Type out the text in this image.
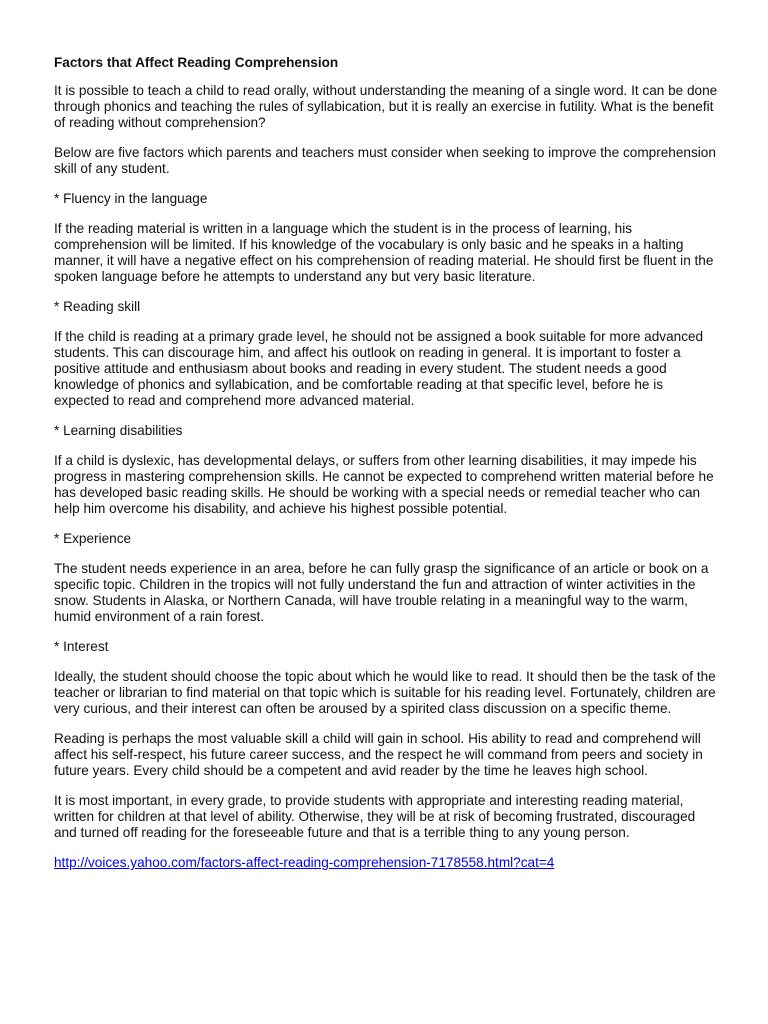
Factors that Affect Reading Comprehension

It is possible to teach a child to read orally, without understanding the meaning of a single word. It can be done through phonics and teaching the rules of syllabication, but it is really an exercise in futility. What is the benefit of reading without comprehension?

Below are five factors which parents and teachers must consider when seeking to improve the comprehension skill of any student.

* Fluency in the language

If the reading material is written in a language which the student is in the process of learning, his comprehension will be limited. If his knowledge of the vocabulary is only basic and he speaks in a halting manner, it will have a negative effect on his comprehension of reading material. He should first be fluent in the spoken language before he attempts to understand any but very basic literature.

* Reading skill

If the child is reading at a primary grade level, he should not be assigned a book suitable for more advanced students. This can discourage him, and affect his outlook on reading in general. It is important to foster a positive attitude and enthusiasm about books and reading in every student. The student needs a good knowledge of phonics and syllabication, and be comfortable reading at that specific level, before he is expected to read and comprehend more advanced material.

* Learning disabilities

If a child is dyslexic, has developmental delays, or suffers from other learning disabilities, it may impede his progress in mastering comprehension skills. He cannot be expected to comprehend written material before he has developed basic reading skills. He should be working with a special needs or remedial teacher who can help him overcome his disability, and achieve his highest possible potential.

* Experience

The student needs experience in an area, before he can fully grasp the significance of an article or book on a specific topic. Children in the tropics will not fully understand the fun and attraction of winter activities in the snow. Students in Alaska, or Northern Canada, will have trouble relating in a meaningful way to the warm, humid environment of a rain forest.

* Interest

Ideally, the student should choose the topic about which he would like to read. It should then be the task of the teacher or librarian to find material on that topic which is suitable for his reading level. Fortunately, children are very curious, and their interest can often be aroused by a spirited class discussion on a specific theme.

Reading is perhaps the most valuable skill a child will gain in school. His ability to read and comprehend will affect his self-respect, his future career success, and the respect he will command from peers and society in future years. Every child should be a competent and avid reader by the time he leaves high school.

It is most important, in every grade, to provide students with appropriate and interesting reading material, written for children at that level of ability. Otherwise, they will be at risk of becoming frustrated, discouraged and turned off reading for the foreseeable future and that is a terrible thing to any young person.

http://voices.yahoo.com/factors-affect-reading-comprehension-7178558.html?cat=4
